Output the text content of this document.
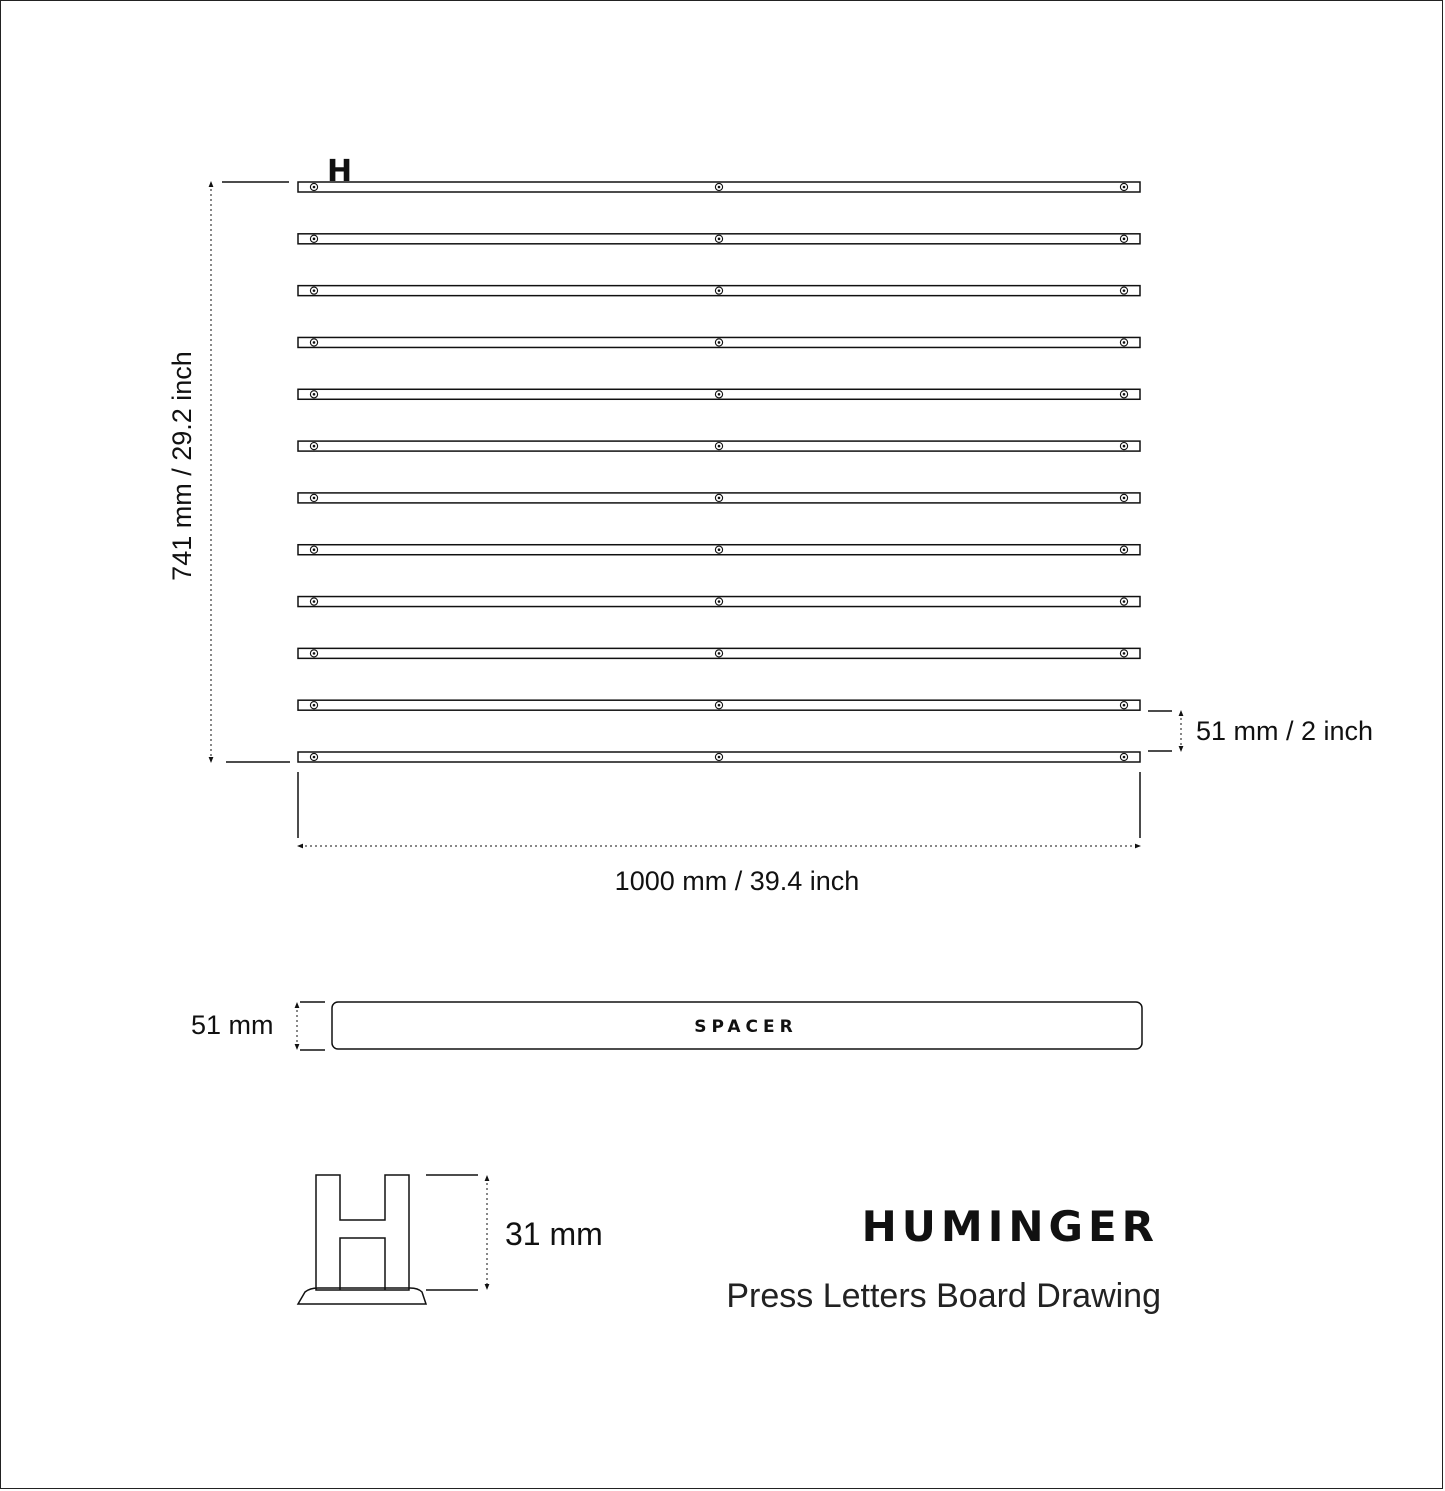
H
741 mm / 29.2 inch
1000 mm / 39.4 inch
51 mm / 2 inch
SPACER
51 mm
31 mm	HUMINGER
Press Letters Board Drawing
